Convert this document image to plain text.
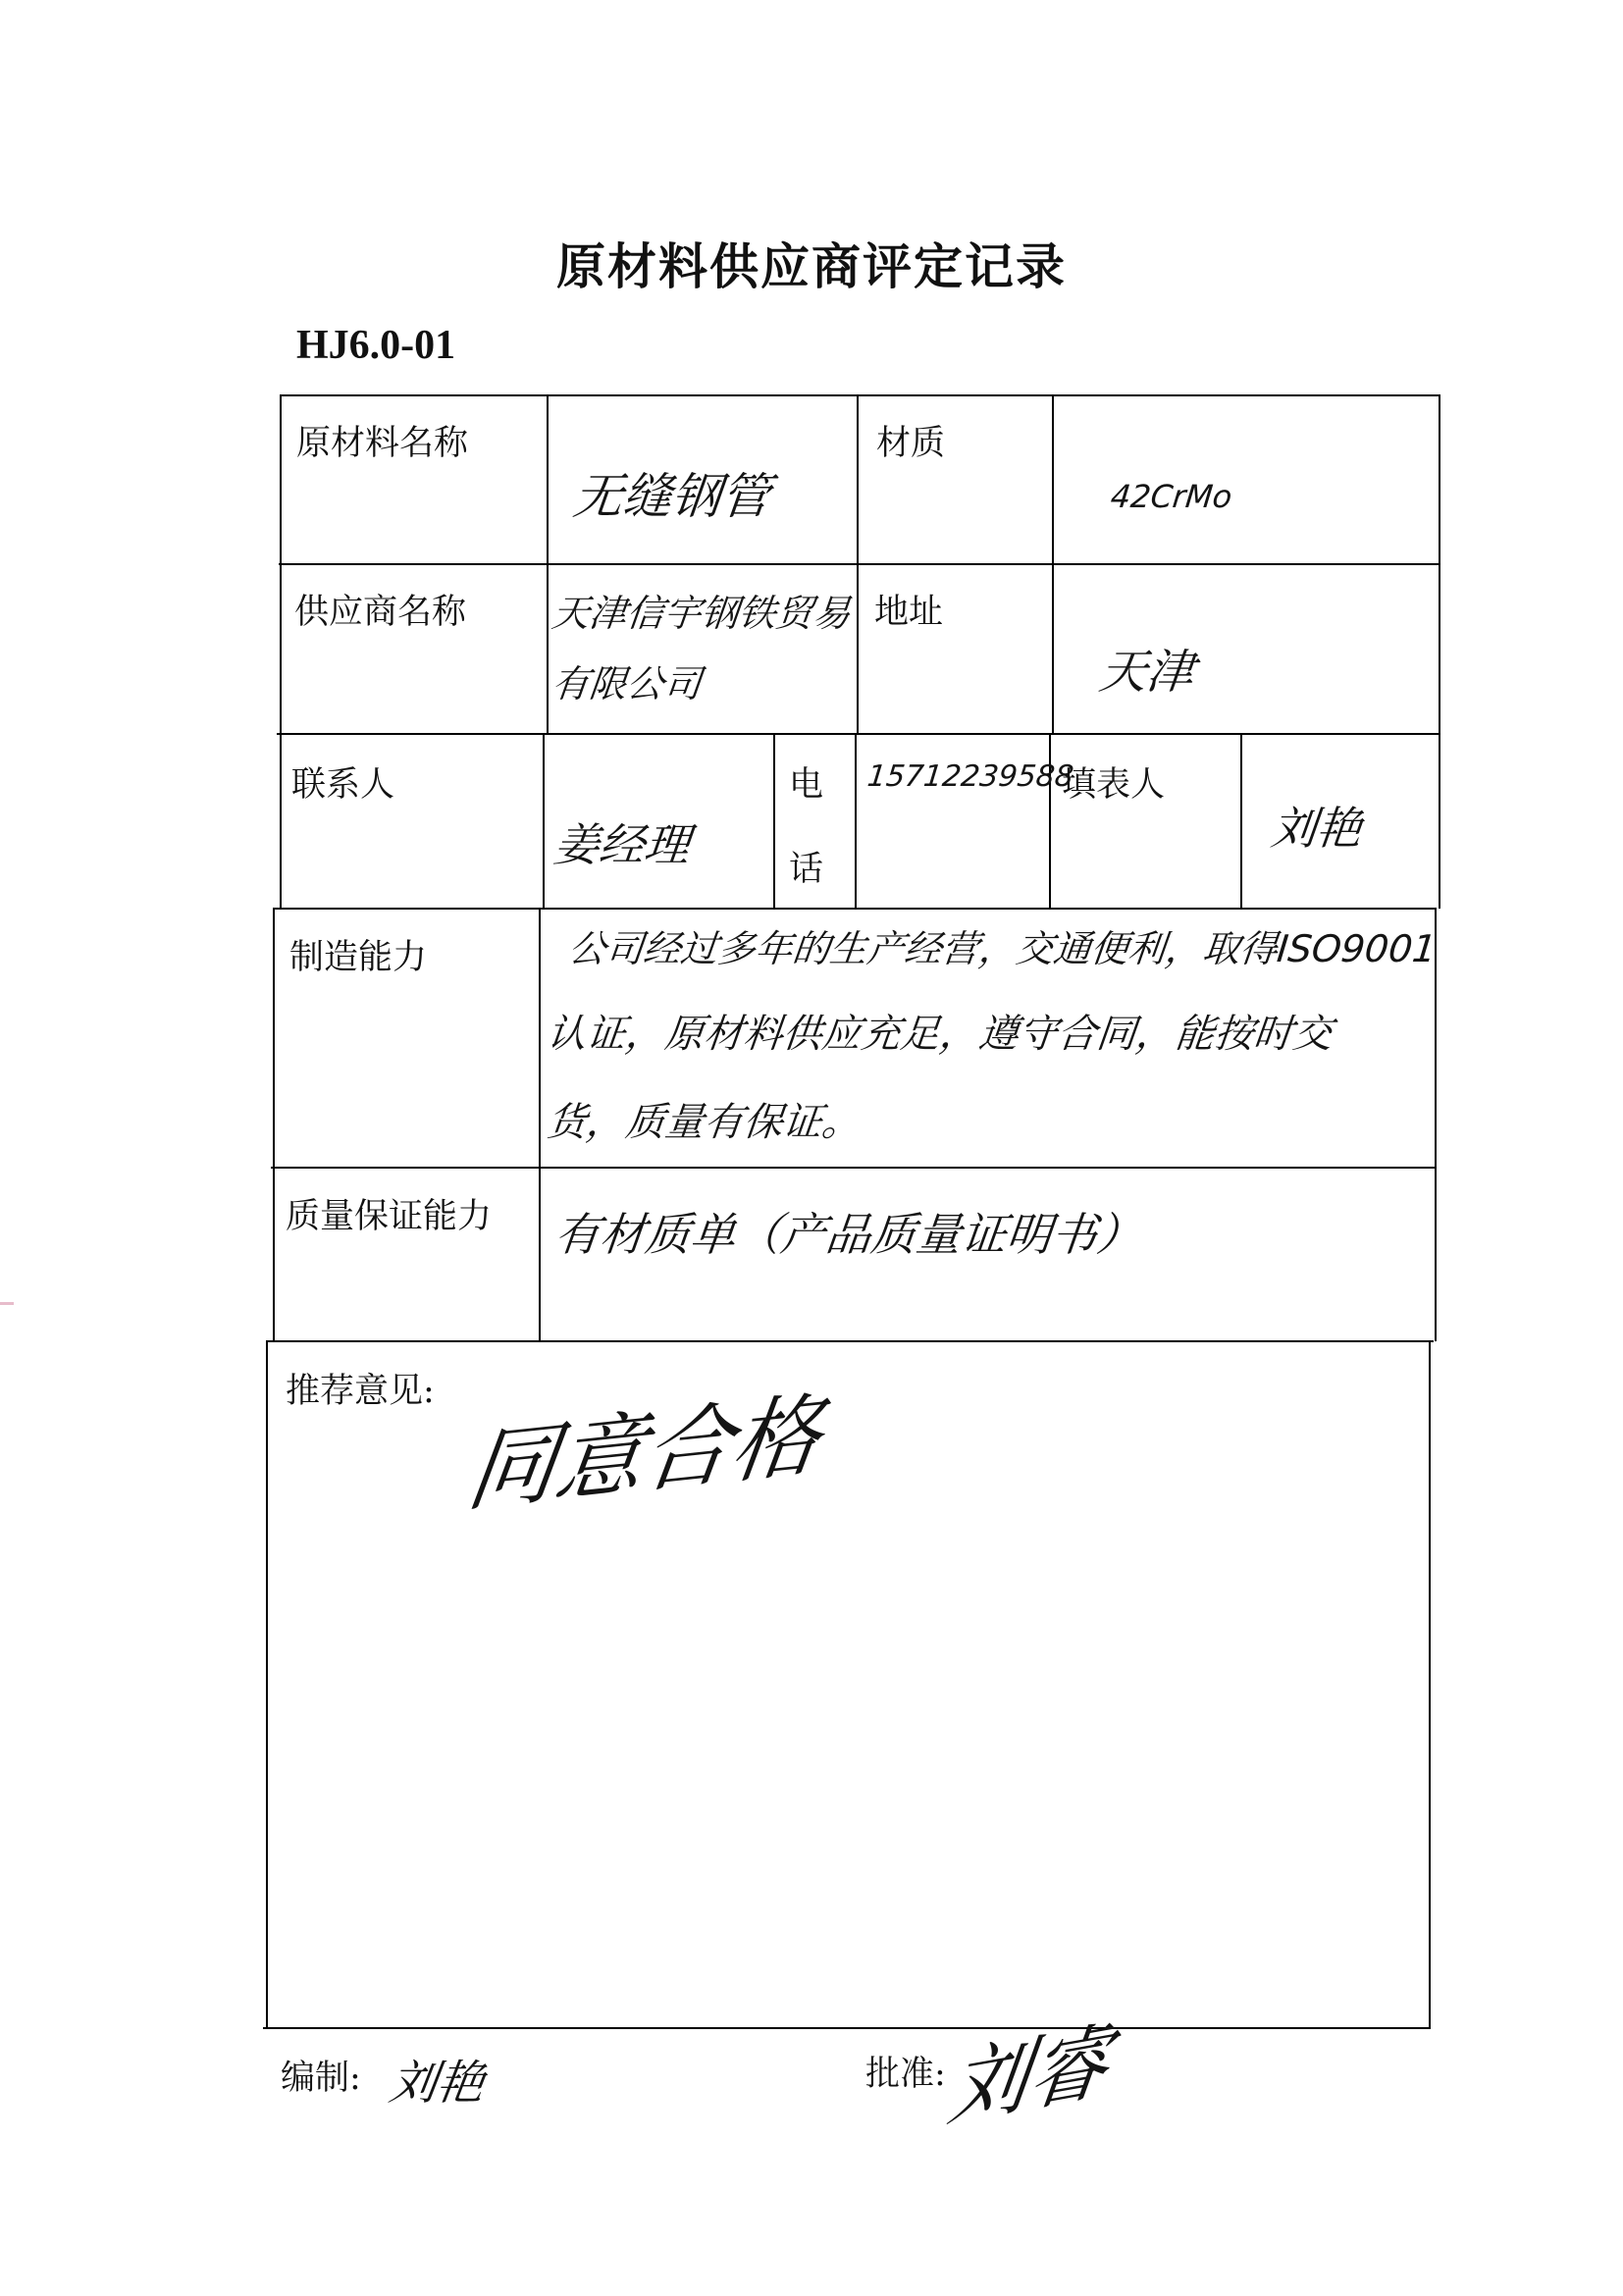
原材料供应商评定记录
HJ6.0-01
原材料名称
无缝钢管
材质
42CrMo
供应商名称 天津信宇钢铁贸易
有限公司
地址
天津
联系人
姜经理
电
话
15712239588
填表人
刘艳
制造能力	公司经过多年的生产经营，交通便利，取得ISO9001
认证，原材料供应充足，遵守合同，能按时交
货，质量有保证。
质量保证能力 有材质单（产品质量证明书）
推荐意见: 同意合格
编制: 刘艳	批准:
刘睿
